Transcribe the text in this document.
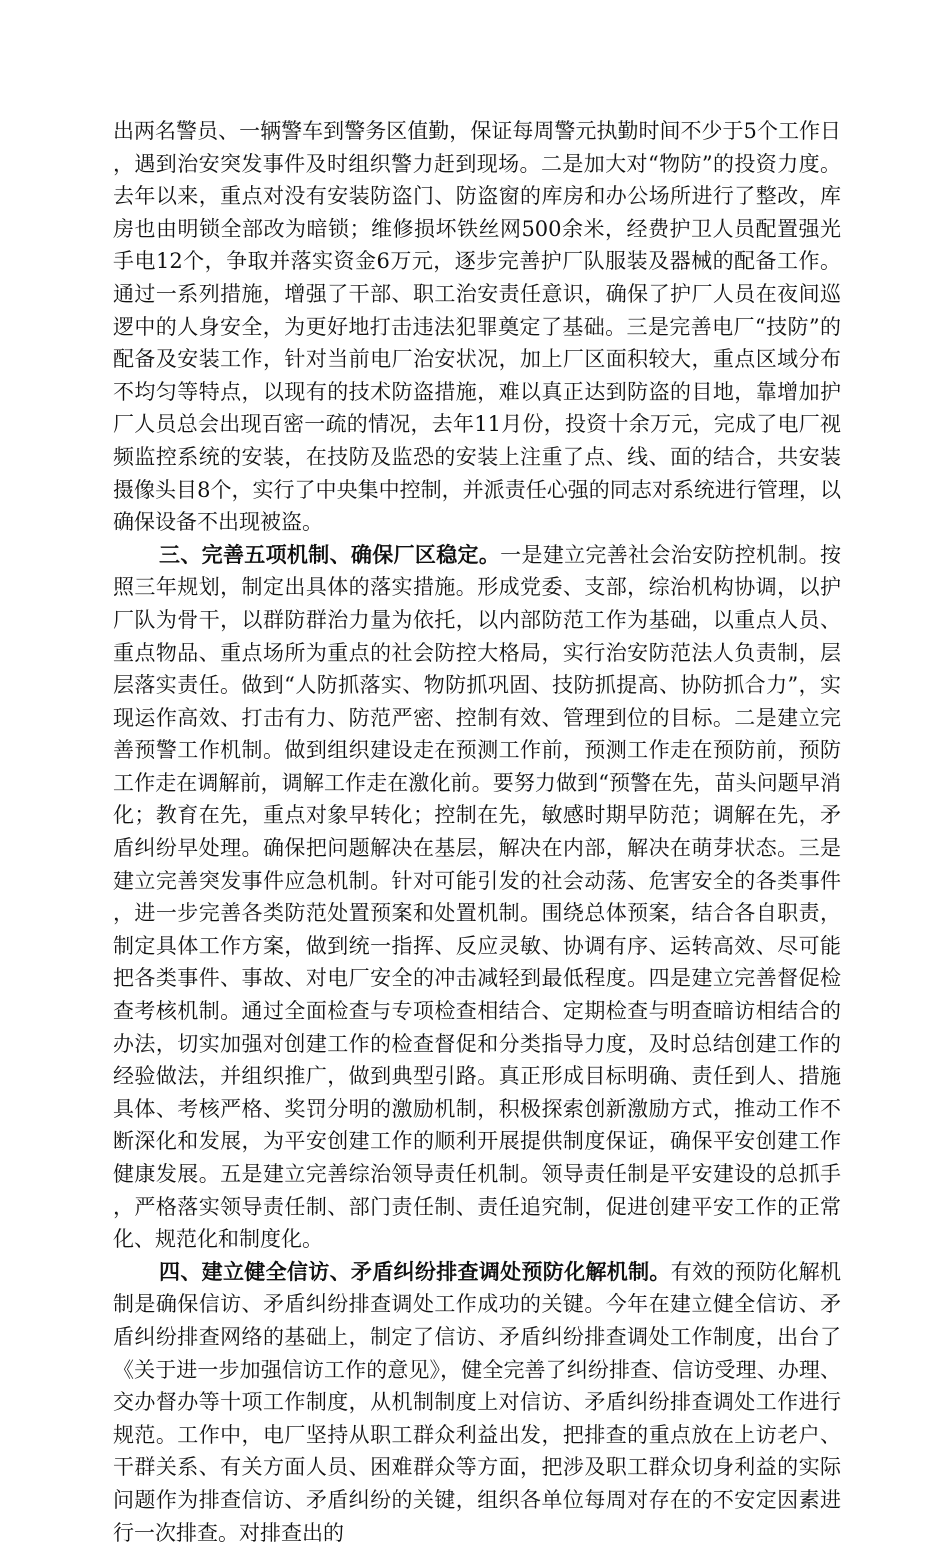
出两名警员、一辆警车到警务区值勤，保证每周警元执勤时间不少于5个工作日，遇到治安突发事件及时组织警力赶到现场。二是加大对“物防”的投资力度。去年以来，重点对没有安装防盗门、防盗窗的库房和办公场所进行了整改，库房也由明锁全部改为暗锁；维修损坏铁丝网500余米，经费护卫人员配置强光手电12个，争取并落实资金6万元，逐步完善护厂队服装及器械的配备工作。通过一系列措施，增强了干部、职工治安责任意识，确保了护厂人员在夜间巡逻中的人身安全，为更好地打击违法犯罪奠定了基础。三是完善电厂“技防”的配备及安装工作，针对当前电厂治安状况，加上厂区面积较大，重点区域分布不均匀等特点，以现有的技术防盗措施，难以真正达到防盗的目地，靠增加护厂人员总会出现百密一疏的情况，去年11月份，投资十余万元，完成了电厂视频监控系统的安装，在技防及监恐的安装上注重了点、线、面的结合，共安装摄像头目8个，实行了中央集中控制，并派责任心强的同志对系统进行管理，以确保设备不出现被盗。

三、完善五项机制、确保厂区稳定。一是建立完善社会治安防控机制。按照三年规划，制定出具体的落实措施。形成党委、支部，综治机构协调，以护厂队为骨干，以群防群治力量为依托，以内部防范工作为基础，以重点人员、重点物品、重点场所为重点的社会防控大格局，实行治安防范法人负责制，层层落实责任。做到“人防抓落实、物防抓巩固、技防抓提高、协防抓合力”，实现运作高效、打击有力、防范严密、控制有效、管理到位的目标。二是建立完善预警工作机制。做到组织建设走在预测工作前，预测工作走在预防前，预防工作走在调解前，调解工作走在激化前。要努力做到“预警在先，苗头问题早消化；教育在先，重点对象早转化；控制在先，敏感时期早防范；调解在先，矛盾纠纷早处理。确保把问题解决在基层，解决在内部，解决在萌芽状态。三是建立完善突发事件应急机制。针对可能引发的社会动荡、危害安全的各类事件，进一步完善各类防范处置预案和处置机制。围绕总体预案，结合各自职责，制定具体工作方案，做到统一指挥、反应灵敏、协调有序、运转高效、尽可能把各类事件、事故、对电厂安全的冲击减轻到最低程度。四是建立完善督促检查考核机制。通过全面检查与专项检查相结合、定期检查与明查暗访相结合的办法，切实加强对创建工作的检查督促和分类指导力度，及时总结创建工作的经验做法，并组织推广，做到典型引路。真正形成目标明确、责任到人、措施具体、考核严格、奖罚分明的激励机制，积极探索创新激励方式，推动工作不断深化和发展，为平安创建工作的顺利开展提供制度保证，确保平安创建工作健康发展。五是建立完善综治领导责任机制。领导责任制是平安建设的总抓手，严格落实领导责任制、部门责任制、责任追究制，促进创建平安工作的正常化、规范化和制度化。

四、建立健全信访、矛盾纠纷排查调处预防化解机制。有效的预防化解机制是确保信访、矛盾纠纷排查调处工作成功的关键。今年在建立健全信访、矛盾纠纷排查网络的基础上，制定了信访、矛盾纠纷排查调处工作制度，出台了《关于进一步加强信访工作的意见》，健全完善了纠纷排查、信访受理、办理、交办督办等十项工作制度，从机制制度上对信访、矛盾纠纷排查调处工作进行规范。工作中，电厂坚持从职工群众利益出发，把排查的重点放在上访老户、干群关系、有关方面人员、困难群众等方面，把涉及职工群众切身利益的实际问题作为排查信访、矛盾纠纷的关键，组织各单位每周对存在的不安定因素进行一次排查。对排查出的
